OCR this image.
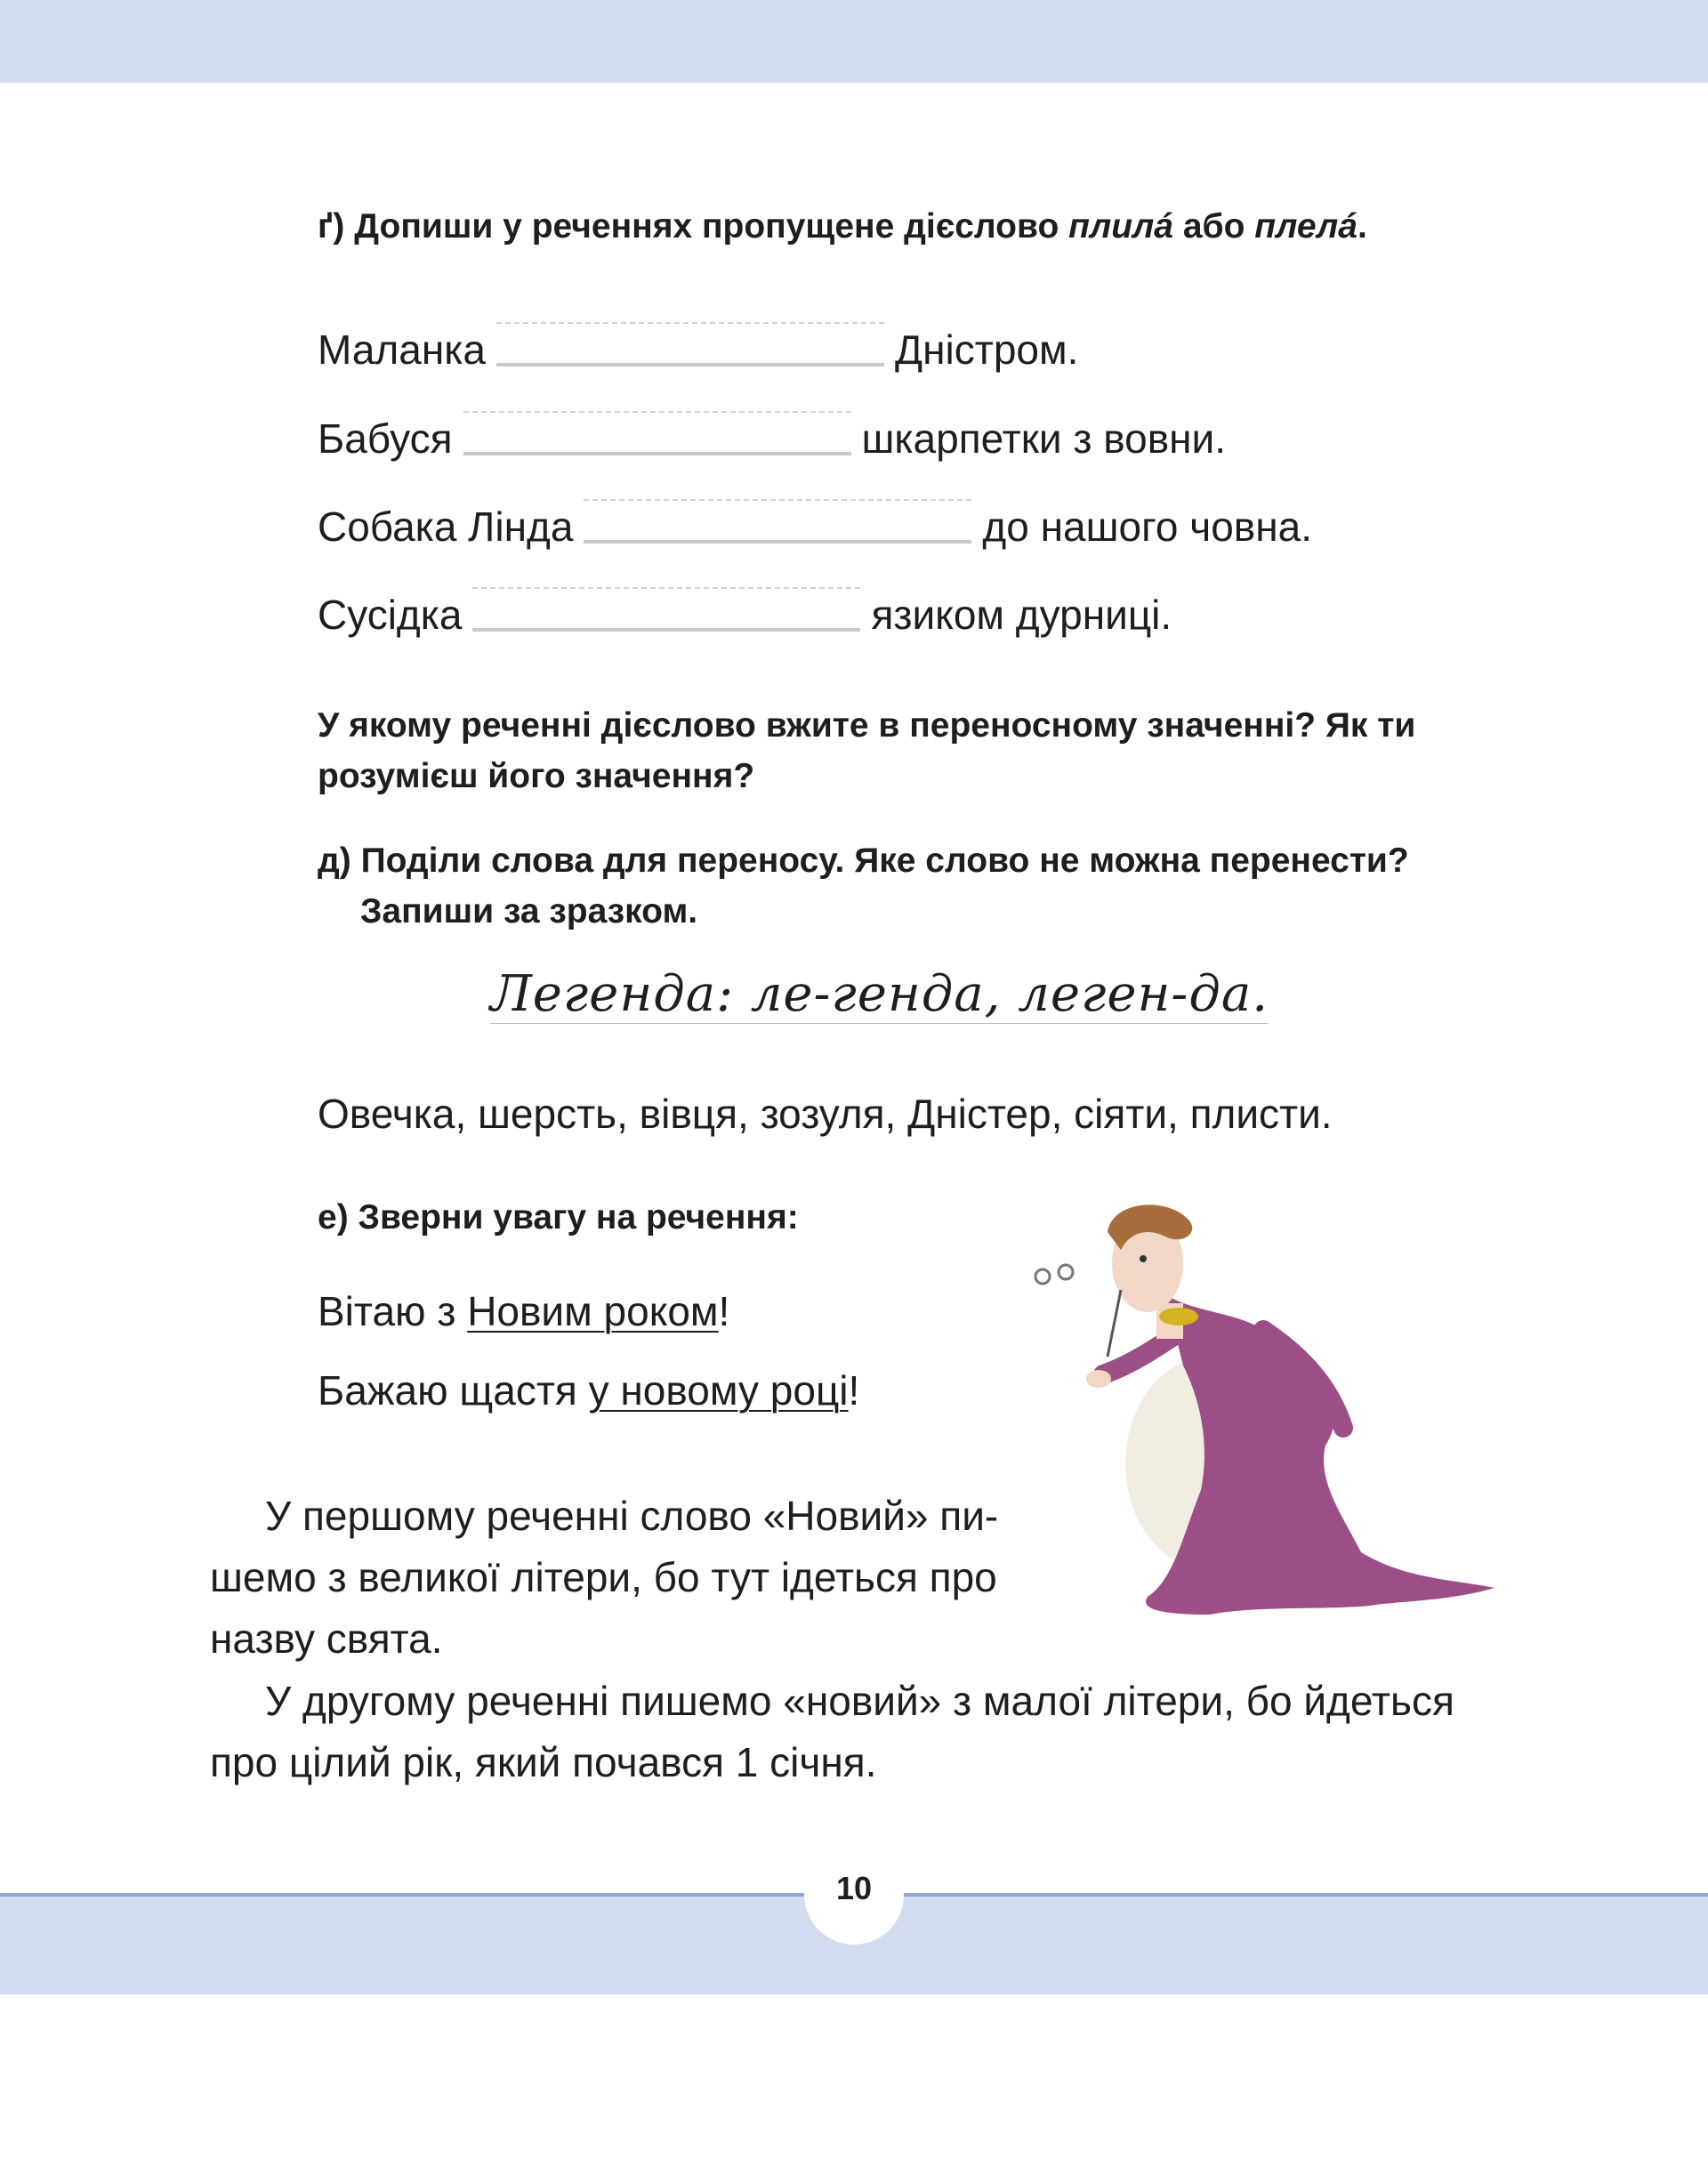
ґ) Допиши у реченнях пропущене дієслово плилá або плелá.
Маланка	Дністром.
Бабуся	шкарпетки з вовни.
Собака Лінда	до нашого човна.
Сусідка	язиком дурниці.
У якому реченні дієслово вжите в переносному значенні? Як ти
розумієш його значення?
д) Поділи слова для переносу. Яке слово не можна перенести?
Запиши за зразком.
Легенда: ле-генда, леген-да.
Овечка, шерсть, вівця, зозуля, Дністер, сіяти, плисти.
е) Зверни увагу на речення:
Вітаю з Новим роком!
Бажаю щастя у новому році!
У першому реченні слово «Новий» пи-
шемо з великої літери, бо тут ідеться про
назву свята.
У другому реченні пишемо «новий» з малої літери, бо йдеться
про цілий рік, який почався 1 січня.
10
